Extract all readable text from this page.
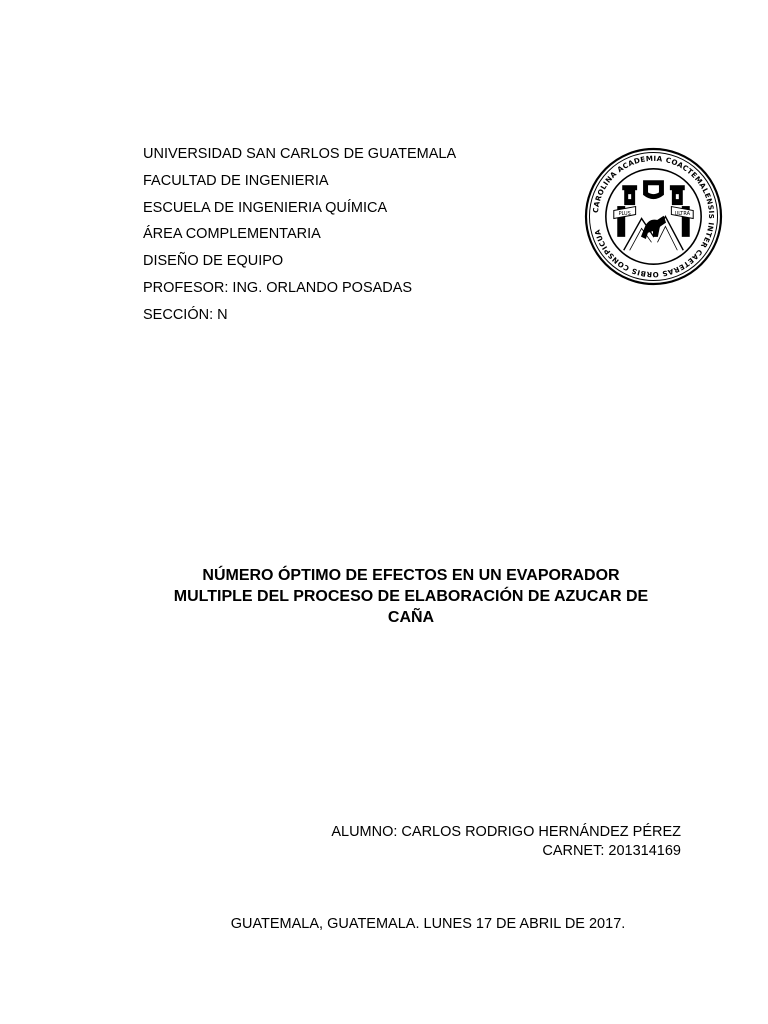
UNIVERSIDAD SAN CARLOS DE GUATEMALA
FACULTAD DE INGENIERIA
ESCUELA DE INGENIERIA QUÍMICA
ÁREA COMPLEMENTARIA
DISEÑO DE EQUIPO
PROFESOR: ING. ORLANDO POSADAS
SECCIÓN: N
CAROLINA ACADEMIA COACTEMALENSIS INTER CAETERAS ORBIS CONSPICUA
PLUS	ULTRA
NÚMERO ÓPTIMO DE EFECTOS EN UN EVAPORADOR
MULTIPLE DEL PROCESO DE ELABORACIÓN DE AZUCAR DE
CAÑA
ALUMNO: CARLOS RODRIGO HERNÁNDEZ PÉREZ
CARNET: 201314169
GUATEMALA, GUATEMALA. LUNES 17 DE ABRIL DE 2017.
